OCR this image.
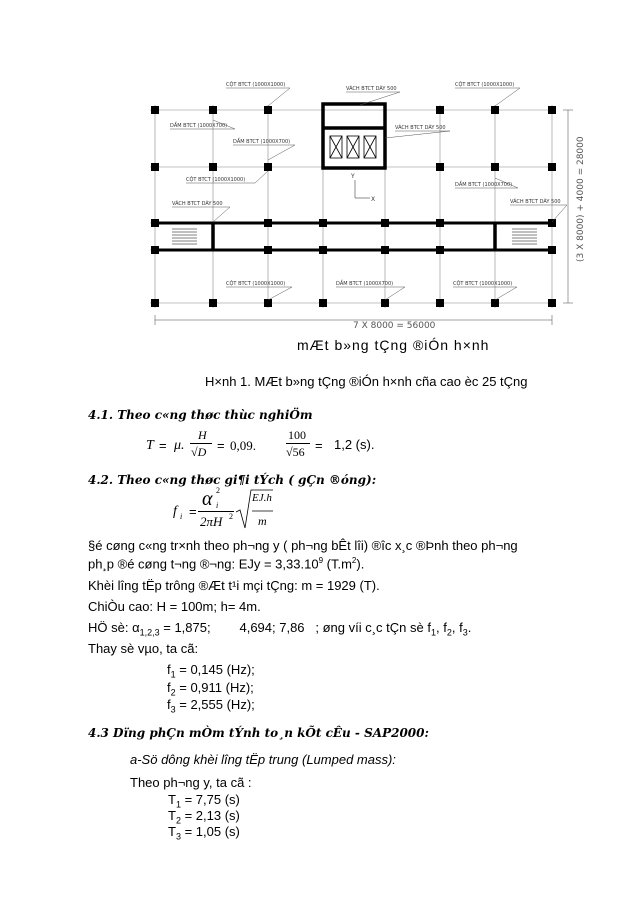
CỘT BTCT (1000X1000)
VÁCH BTCT DÀY 500
CỘT BTCT (1000X1000)
DẦM BTCT (1000X700)	VÁCH BTCT DÀY 500
DẦM BTCT (1000X700)
CỘT BTCT (1000X1000)
DẦM BTCT (1000X700)
VÁCH BTCT DÀY 500	VÁCH BTCT DÀY 500
CỘT BTCT (1000X1000)	DẦM BTCT (1000X700)	CỘT BTCT (1000X1000)
Y
X
7 X 8000 = 56000
(3 X 8000) + 4000 = 28000
mÆt b»ng tÇng ®iÓn h×nh
H×nh 1. MÆt b»ng tÇng ®iÓn h×nh cña cao èc 25 tÇng
4.1. Theo c«ng thøc thùc nghiÖm
T = μ.
H
√D = 0,09.
100
√56 = 1,2 (s).
4.2. Theo c«ng thøc gi¶i tÝch ( gÇn ®óng):
f i =
α 2
i
2πH 2
EJ.h
m
§é cøng c«ng tr×nh theo ph¬ng y ( ph¬ng bÊt lîi) ®îc x¸c ®Þnh theo ph¬ng
ph¸p ®é cøng t¬ng ®¬ng: EJy = $3,33.10^9$ $(T.m^2)$.
Khèi lîng tËp trông ®Æt t¹i mçi tÇng: m = 1929 (T).
ChiÒu cao: H = 100m; h= 4m.
HÖ sè: $\alpha_{1,2,3} = 1,875$;        4,694; 7,86   ; øng víi c¸c tÇn sè $f_1$, $f_2$, $f_3$.
Thay sè vµo, ta cã:
$f_1 = 0,145$ (Hz);
$f_2 = 0,911$ (Hz);
$f_3 = 2,555$ (Hz);
4.3 Dïng phÇn mÒm tÝnh to¸n kÕt cÊu - SAP2000:
a-Sö dông khèi lîng tËp trung (Lumped mass):
Theo ph¬ng y, ta cã :
$T_1 = 7,75$ (s)
$T_2 = 2,13$ (s)
$T_3 = 1,05$ (s)
